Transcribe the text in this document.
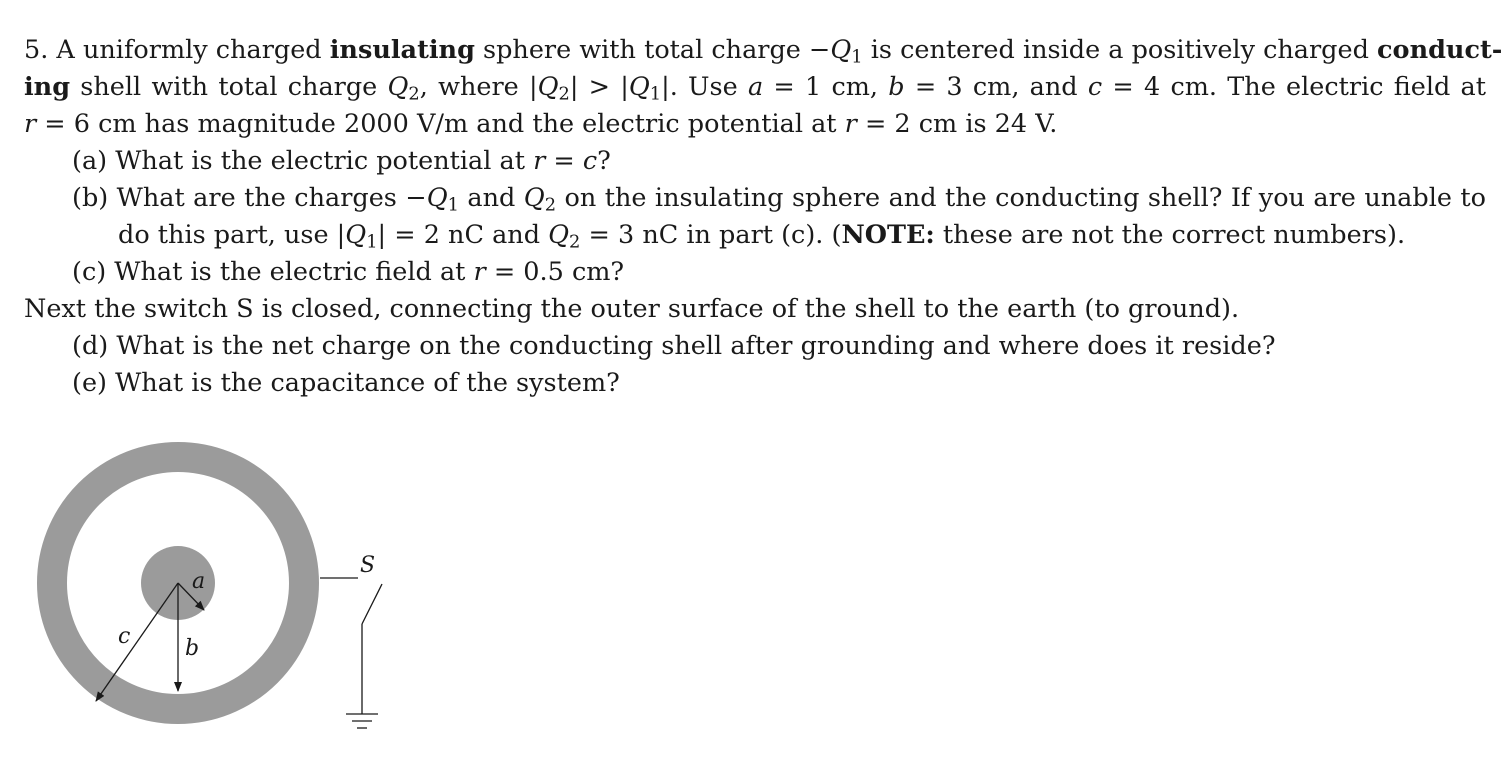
5. A uniformly charged insulating sphere with total charge $-Q_1$ is centered inside a positively charged conduct-
ing shell with total charge $Q_2$, where $|Q_2| > |Q_1|$. Use a = 1 cm, b = 3 cm, and c = 4 cm. The electric field at
r = 6 cm has magnitude 2000 V/m and the electric potential at r = 2 cm is 24 V.
(a) What is the electric potential at r = c?
(b) What are the charges $-Q_1$ and $Q_2$ on the insulating sphere and the conducting shell? If you are unable to
do this part, use $|Q_1| = 2$ nC and $Q_2 = 3$ nC in part (c). (NOTE: these are not the correct numbers).
(c) What is the electric field at r = 0.5 cm?
Next the switch S is closed, connecting the outer surface of the shell to the earth (to ground).
(d) What is the net charge on the conducting shell after grounding and where does it reside?
(e) What is the capacitance of the system?
a
b
c
S
